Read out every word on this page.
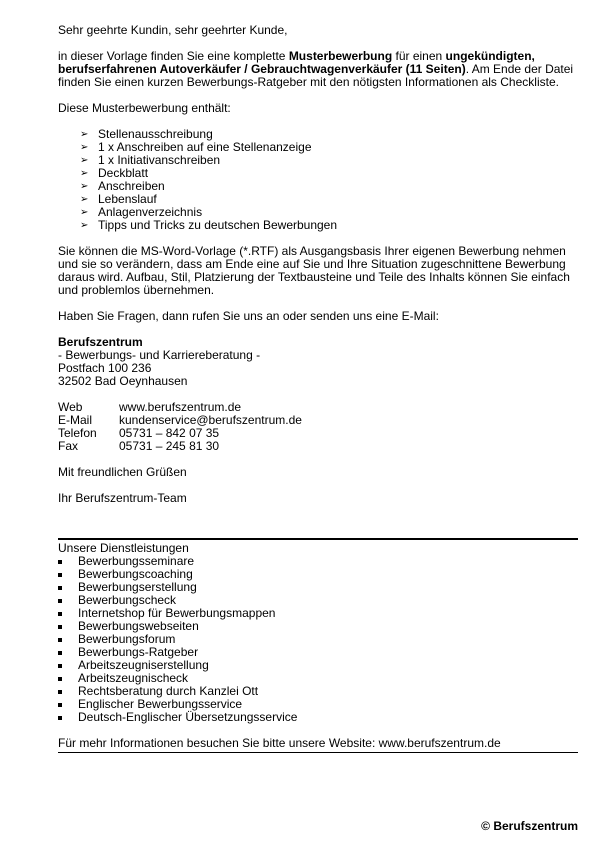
Sehr geehrte Kundin, sehr geehrter Kunde,

in dieser Vorlage finden Sie eine komplette Musterbewerbung für einen ungekündigten, berufserfahrenen Autoverkäufer / Gebrauchtwagenverkäufer (11 Seiten). Am Ende der Datei finden Sie einen kurzen Bewerbungs-Ratgeber mit den nötigsten Informationen als Checkliste.

Diese Musterbewerbung enthält:

➢ Stellenausschreibung
➢ 1 x Anschreiben auf eine Stellenanzeige
➢ 1 x Initiativanschreiben
➢ Deckblatt
➢ Anschreiben
➢ Lebenslauf
➢ Anlagenverzeichnis
➢ Tipps und Tricks zu deutschen Bewerbungen

Sie können die MS-Word-Vorlage (*.RTF) als Ausgangsbasis Ihrer eigenen Bewerbung nehmen und sie so verändern, dass am Ende eine auf Sie und Ihre Situation zugeschnittene Bewerbung daraus wird. Aufbau, Stil, Platzierung der Textbausteine und Teile des Inhalts können Sie einfach und problemlos übernehmen.

Haben Sie Fragen, dann rufen Sie uns an oder senden uns eine E-Mail:

Berufszentrum

- Bewerbungs- und Karriereberatung -

Postfach 100 236

32502 Bad Oeynhausen

Web	www.berufszentrum.de
E-Mail	kundenservice@berufszentrum.de
Telefon	05731 – 842 07 35
Fax	05731 – 245 81 30

Mit freundlichen Grüßen

Ihr Berufszentrum-Team

Unsere Dienstleistungen

Bewerbungsseminare
Bewerbungscoaching
Bewerbungserstellung
Bewerbungscheck
Internetshop für Bewerbungsmappen
Bewerbungswebseiten
Bewerbungsforum
Bewerbungs-Ratgeber
Arbeitszeugniserstellung
Arbeitszeugnischeck
Rechtsberatung durch Kanzlei Ott
Englischer Bewerbungsservice
Deutsch-Englischer Übersetzungsservice

Für mehr Informationen besuchen Sie bitte unsere Website: www.berufszentrum.de

© Berufszentrum
